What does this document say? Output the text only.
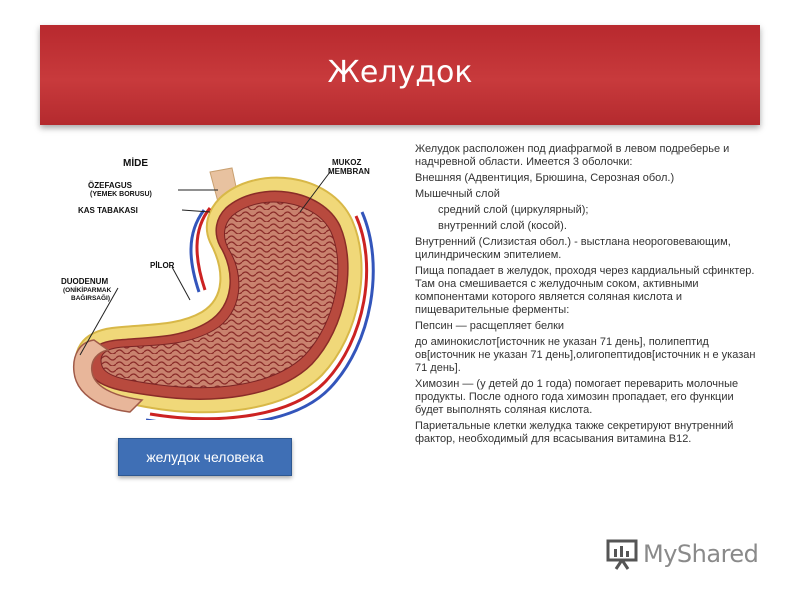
Желудок
MİDE
ÖZEFAGUS
(YEMEK BORUSU)
KAS TABAKASI
PİLOR
DUODENUM
(ONİKİPARMAK
BAĞIRSAĞI)
MUKOZ
MEMBRAN
желудок человека

Желудок расположен под диафрагмой в левом подреберье и надчревной области. Имеется 3 оболочки:

Внешняя (Адвентиция, Брюшина, Серозная обол.)

Мышечный слой

средний слой (циркулярный);

внутренний слой (косой).

Внутренний (Слизистая обол.) - выстлана неороговевающим, цилиндрическим эпителием.

Пища попадает в желудок, проходя через кардиальный сфинктер. Там она смешивается с желудочным соком, активными компонентами которого является соляная кислота и пищеварительные ферменты:

Пепсин — расщепляет белки

до аминокислот[источник не указан 71 день], полипептид ов[источник не указан 71 день],олигопептидов[источник н е указан 71 день].

Химозин — (у детей до 1 года) помогает переварить молочные продукты. После одного года химозин пропадает, его функции будет выполнять соляная кислота.

Париетальные клетки желудка также секретируют внутренний фактор, необходимый для всасывания витамина В12.

MyShared
